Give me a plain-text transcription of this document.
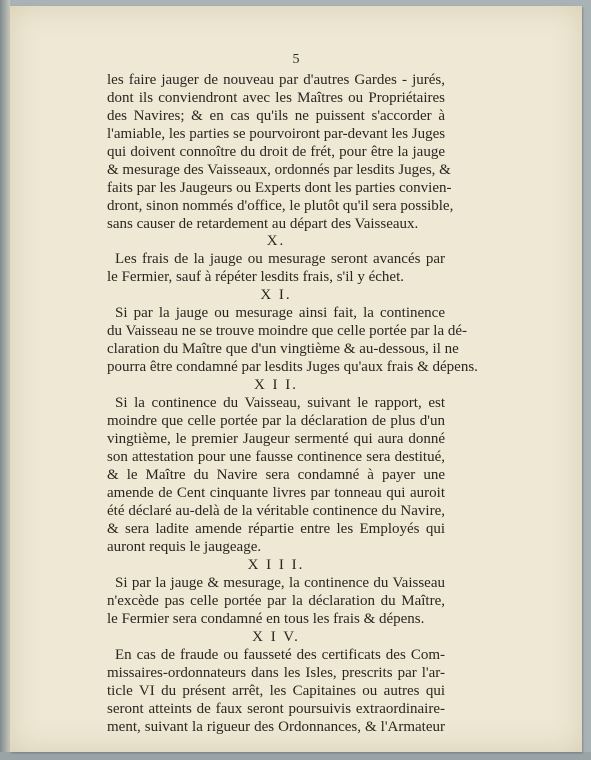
5
les faire jauger de nouveau par d'autres Gardes - jurés,
dont ils conviendront avec les Maîtres ou Propriétaires
des Navires; & en cas qu'ils ne puissent s'accorder à
l'amiable, les parties se pourvoiront par-devant les Juges
qui doivent connoître du droit de frét, pour être la jauge
& mesurage des Vaisseaux, ordonnés par lesdits Juges, &
faits par les Jaugeurs ou Experts dont les parties convien-
dront, sinon nommés d'office, le plutôt qu'il sera possible,
sans causer de retardement au départ des Vaisseaux.
X.
Les frais de la jauge ou mesurage seront avancés par
le Fermier, sauf à répéter lesdits frais, s'il y échet.
X I.
Si par la jauge ou mesurage ainsi fait, la continence
du Vaisseau ne se trouve moindre que celle portée par la dé-
claration du Maître que d'un vingtième & au-dessous, il ne
pourra être condamné par lesdits Juges qu'aux frais & dépens.
X I I.
Si la continence du Vaisseau, suivant le rapport, est
moindre que celle portée par la déclaration de plus d'un
vingtième, le premier Jaugeur sermenté qui aura donné
son attestation pour une fausse continence sera destitué,
& le Maître du Navire sera condamné à payer une
amende de Cent cinquante livres par tonneau qui auroit
été déclaré au-delà de la véritable continence du Navire,
& sera ladite amende répartie entre les Employés qui
auront requis le jaugeage.
X I I I.
Si par la jauge & mesurage, la continence du Vaisseau
n'excède pas celle portée par la déclaration du Maître,
le Fermier sera condamné en tous les frais & dépens.
X I V.
En cas de fraude ou fausseté des certificats des Com-
missaires-ordonnateurs dans les Isles, prescrits par l'ar-
ticle VI du présent arrêt, les Capitaines ou autres qui
seront atteints de faux seront poursuivis extraordinaire-
ment, suivant la rigueur des Ordonnances, & l'Armateur
